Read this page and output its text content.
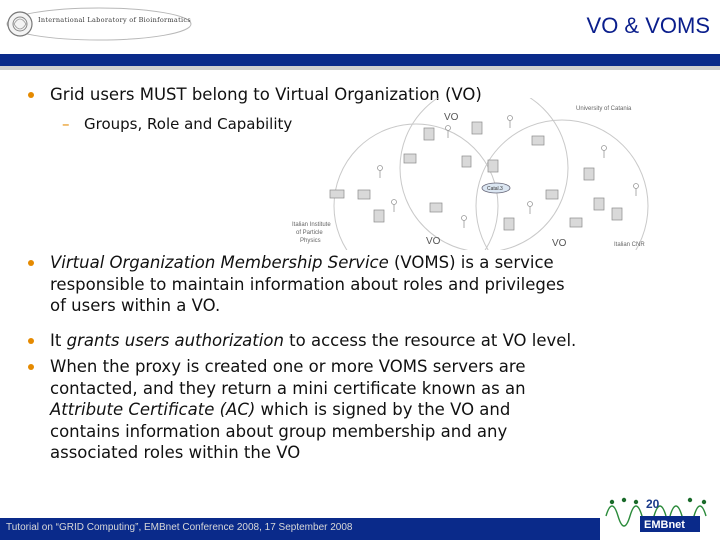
International Laboratory of Bioinformatics	VO & VOMS
Grid users MUST belong to Virtual Organization (VO)
– Groups, Role and Capability	VO
VO	VO
University of Catania
Italian Institute of Particle Physics
Italian CNR
Catal.3
Virtual Organization Membership Service (VOMS) is a service
responsible to maintain information about roles and privileges
of users within a VO.
It grants users authorization to access the resource at VO level.
When the proxy is created one or more VOMS servers are
contacted, and they return a mini certificate known as an
Attribute Certificate (AC) which is signed by the VO and
contains information about group membership and any
associated roles within the VO
Tutorial on “GRID Computing”, EMBnet Conference 2008, 17 September 2008
20
EMBnet
